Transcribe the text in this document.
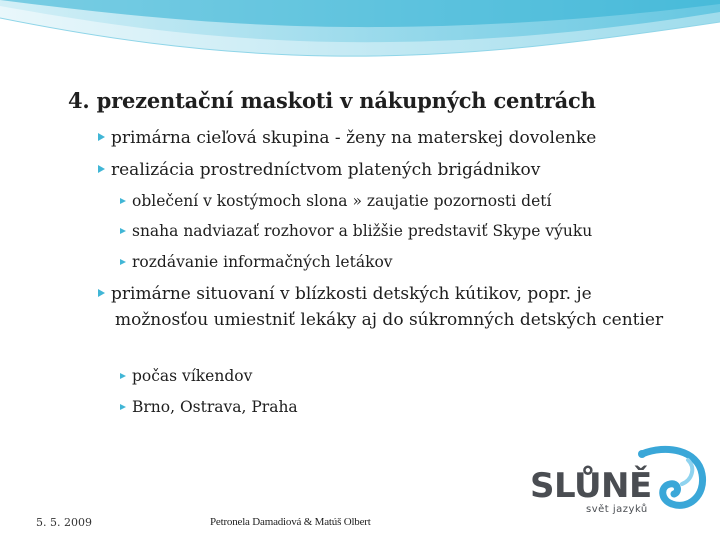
4. prezentační maskoti v nákupných centrách
primárna cieľová skupina - ženy na materskej dovolenke
realizácia prostredníctvom platených brigádnikov
oblečení v kostýmoch slona » zaujatie pozornosti detí
snaha nadviazať rozhovor a bližšie predstaviť Skype výuku
rozdávanie informačných letákov
primárne situovaní v blízkosti detských kútikov, popr. je možnosťou umiestniť lekáky aj do súkromných detských centier
počas víkendov
Brno, Ostrava, Praha
SLŮNĚ
svět jazyků
5. 5. 2009	Petronela Damadiová & Matúš Olbert
